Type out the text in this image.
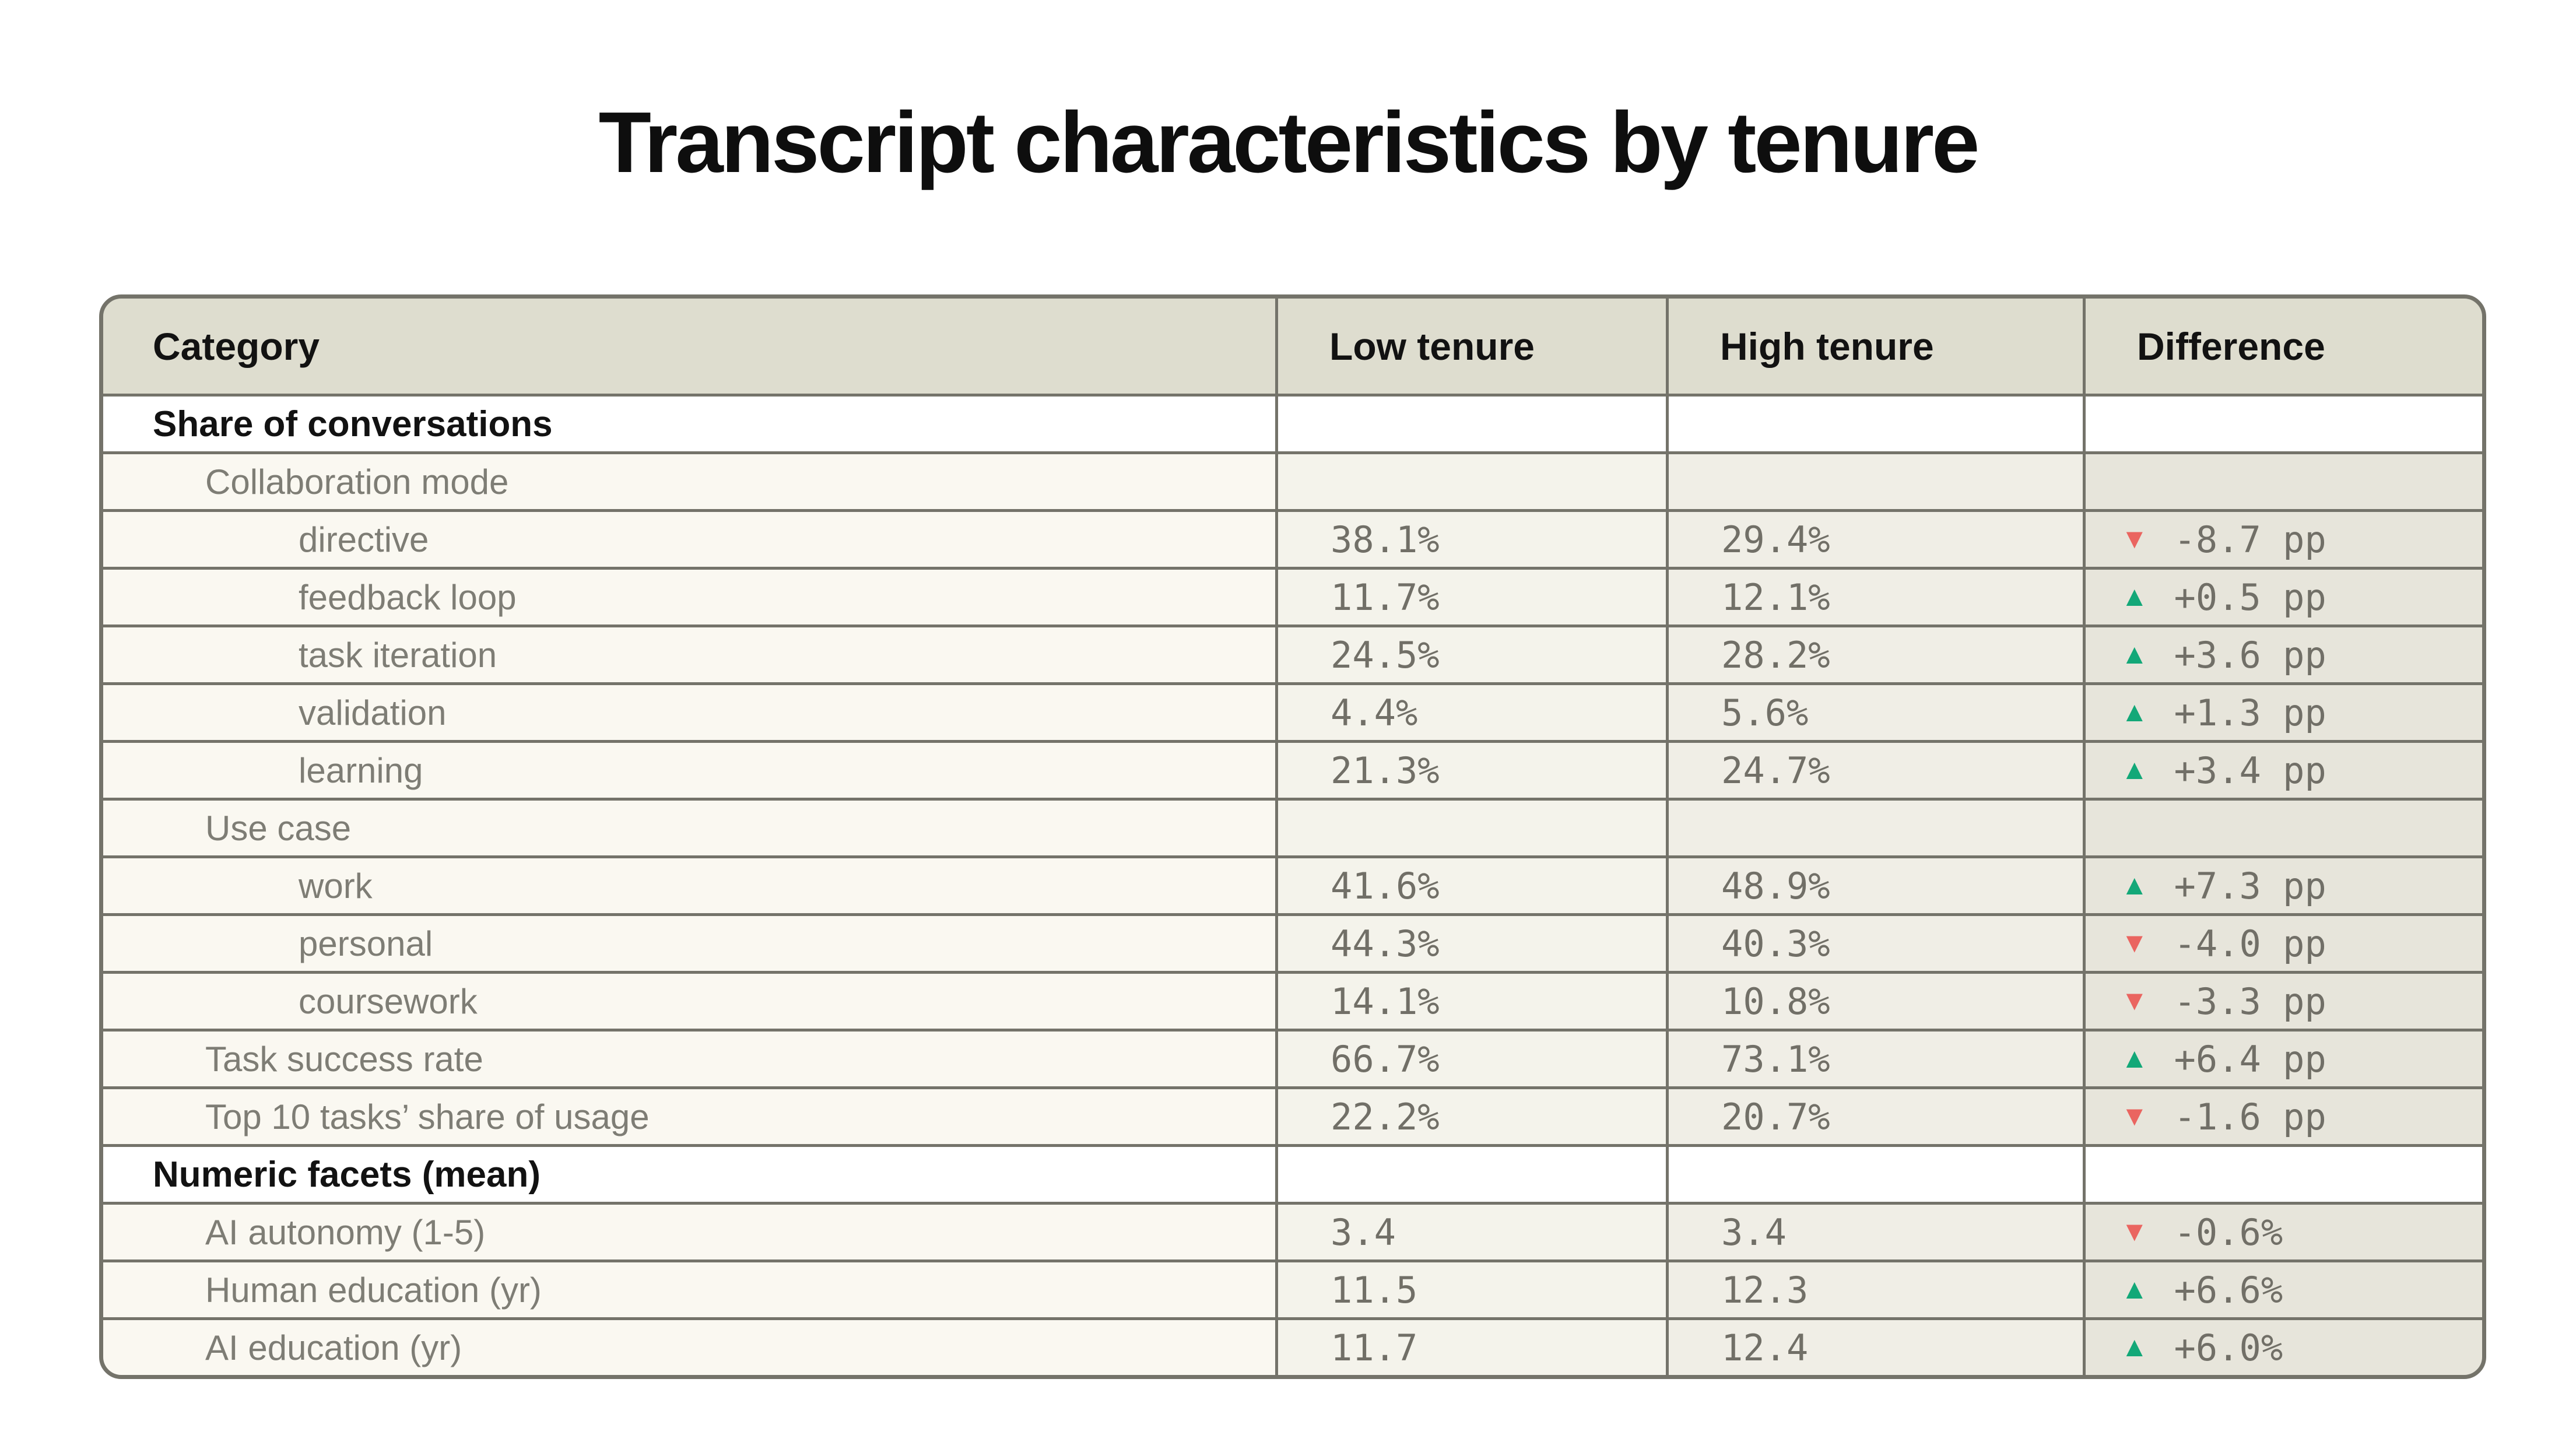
Transcript characteristics by tenure
Category	Low tenure	High tenure	Difference
Share of conversations
Collaboration mode
directive	38.1%	29.4%	▼ -8.7 pp
feedback loop	11.7%	12.1%	▲ +0.5 pp
task iteration	24.5%	28.2%	▲ +3.6 pp
validation	4.4%	5.6%	▲ +1.3 pp
learning	21.3%	24.7%	▲ +3.4 pp
Use case
work	41.6%	48.9%	▲ +7.3 pp
personal	44.3%	40.3%	▼ -4.0 pp
coursework	14.1%	10.8%	▼ -3.3 pp
Task success rate	66.7%	73.1%	▲ +6.4 pp
Top 10 tasks’ share of usage	22.2%	20.7%	▼ -1.6 pp
Numeric facets (mean)
AI autonomy (1-5)	3.4	3.4	▼ -0.6%
Human education (yr)	11.5	12.3	▲ +6.6%
AI education (yr)	11.7	12.4	▲ +6.0%
